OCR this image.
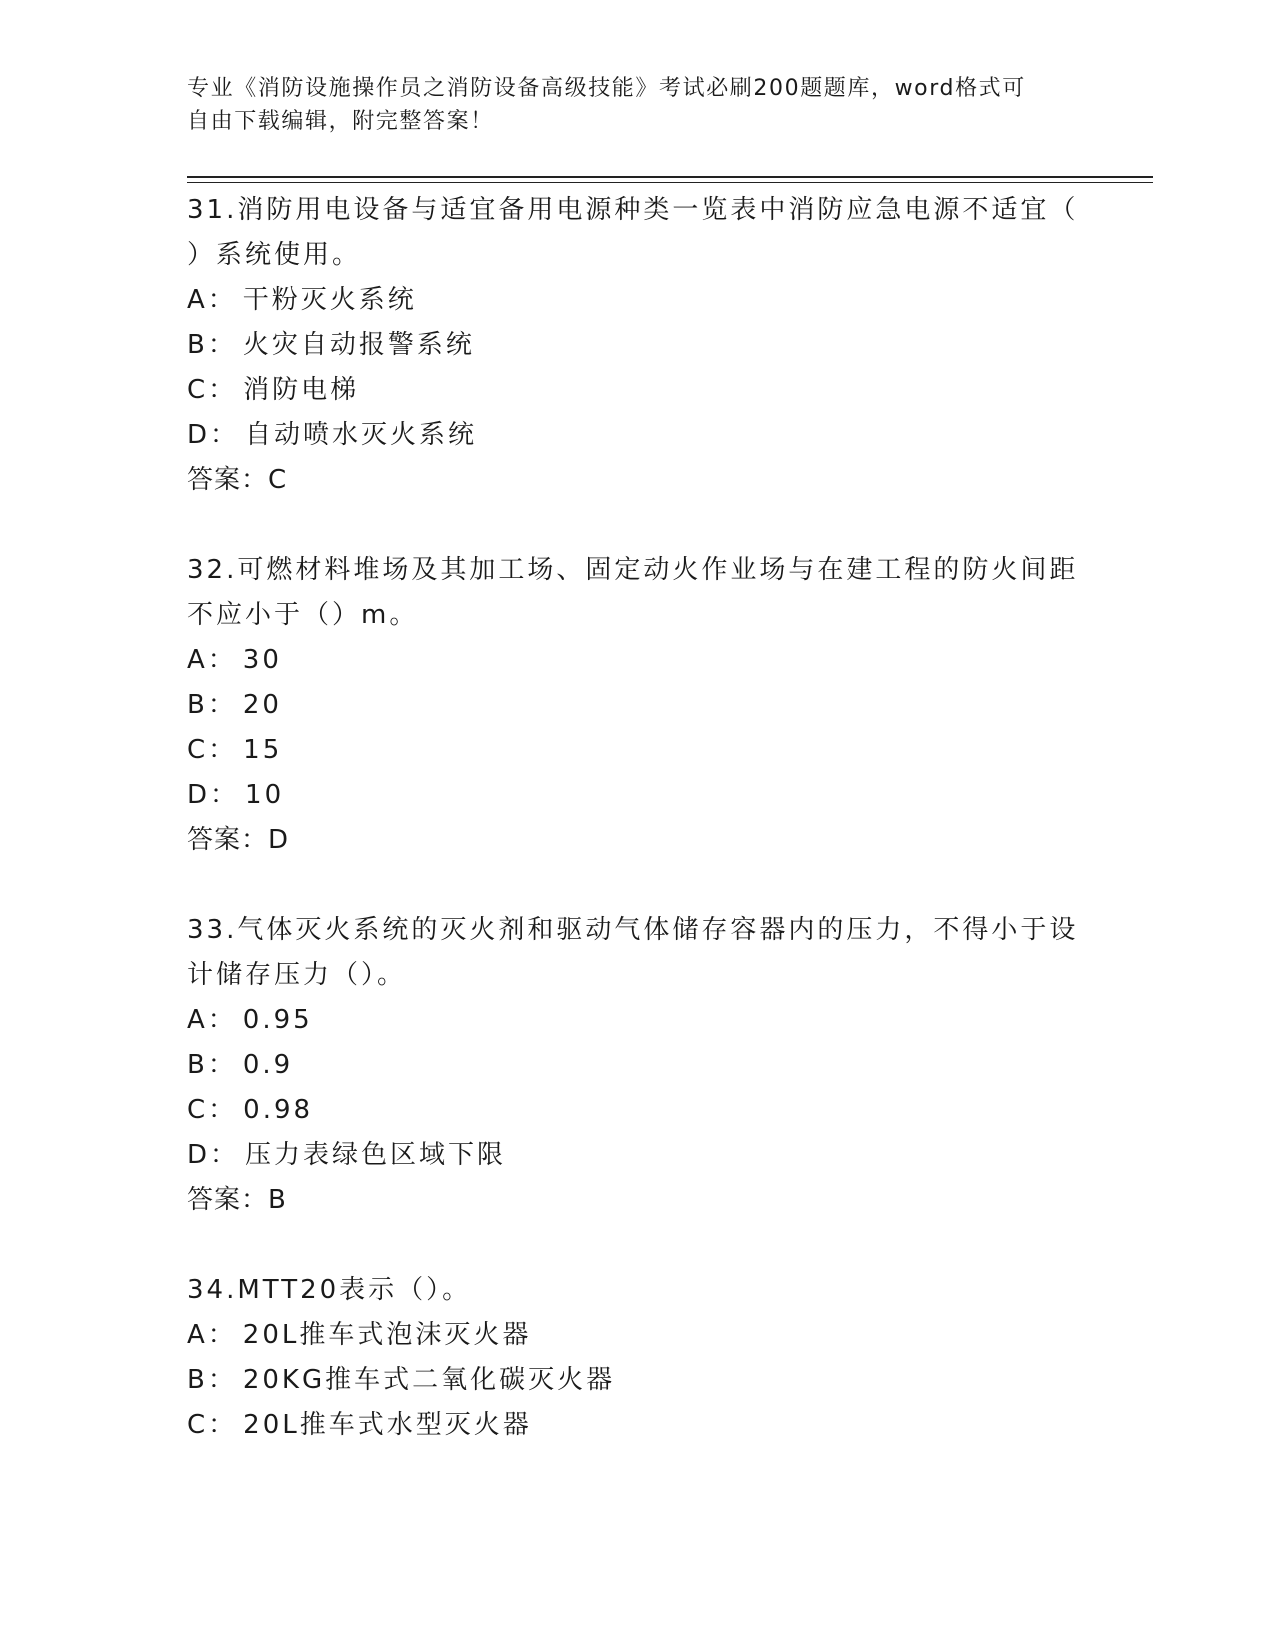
专业《消防设施操作员之消防设备高级技能》考试必刷200题题库，word格式可
自由下载编辑，附完整答案！

31.消防用电设备与适宜备用电源种类一览表中消防应急电源不适宜（
）系统使用。

A： 干粉灭火系统

B： 火灾自动报警系统

C： 消防电梯

D： 自动喷水灭火系统

答案：C

32.可燃材料堆场及其加工场、固定动火作业场与在建工程的防火间距
不应小于（）m。

A： 30

B： 20

C： 15

D： 10

答案：D

33.气体灭火系统的灭火剂和驱动气体储存容器内的压力，不得小于设
计储存压力（）。

A： 0.95

B： 0.9

C： 0.98

D： 压力表绿色区域下限

答案：B

34.MTT20表示（）。

A： 20L推车式泡沫灭火器

B： 20KG推车式二氧化碳灭火器

C： 20L推车式水型灭火器
